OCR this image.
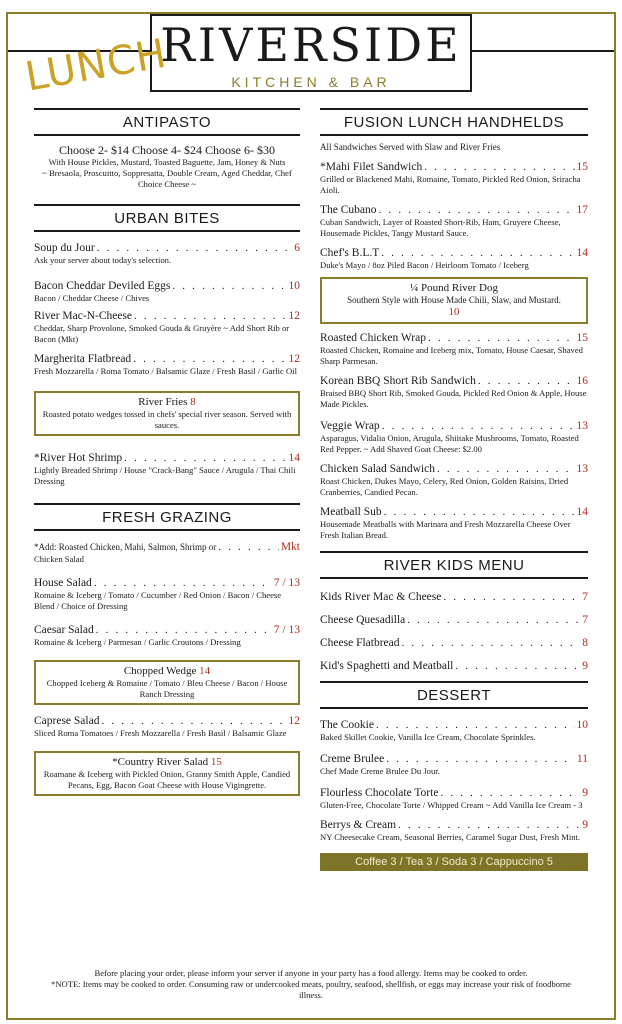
RIVERSIDE
KITCHEN & BAR
LUNCH
ANTIPASTO
Choose 2- $14 Choose 4- $24 Choose 6- $30
With House Pickles, Mustard, Toasted Baguette, Jam, Honey & Nuts
~ Bresaola, Proscuitto, Soppresatta, Double Cream, Aged Cheddar, Chef Choice Cheese ~
URBAN BITES
Soup du Jour . . .	6
Ask your server about today's selection.
Bacon Cheddar Deviled Eggs . . .	10
Bacon / Cheddar Cheese / Chives
River Mac-N-Cheese . . .	12
Cheddar, Sharp Provolone, Smoked Gouda & Gruyère ~ Add Short Rib or Bacon (Mkt)
Margherita Flatbread . . .	12
Fresh Mozzarella / Roma Tomato / Balsamic Glaze / Fresh Basil / Garlic Oil
River Fries 8
Roasted potato wedges tossed in chefs' special river season. Served with sauces.
*River Hot Shrimp . . .	14
Lightly Breaded Shrimp / House "Crack-Bang" Sauce / Arugula / Thai Chili Dressing
FRESH GRAZING
*Add: Roasted Chicken, Mahi, Salmon, Shrimp or . . .	Mkt
Chicken Salad
House Salad . . .	7 / 13
Romaine & Iceberg / Tomato / Cucumber / Red Onion / Bacon / Cheese Blend / Choice of Dressing
Caesar Salad . . .	7 / 13
Romaine & Iceberg / Parmesan / Garlic Croutons / Dressing
Chopped Wedge 14
Chopped Iceberg & Romaine / Tomato / Bleu Cheese / Bacon / House Ranch Dressing
Caprese Salad . . .	12
Sliced Roma Tomatoes / Fresh Mozzarella / Fresh Basil / Balsamic Glaze
*Country River Salad 15
Roamane & Iceberg with Pickled Onion, Granny Smith Apple, Candied Pecans, Egg, Bacon Goat Cheese with House Vigingrette.
FUSION LUNCH HANDHELDS
All Sandwiches Served with Slaw and River Fries
*Mahi Filet Sandwich . . .	15
Grilled or Blackened Mahi, Romaine, Tomato, Pickled Red Onion, Sriracha Aioli.
The Cubano . . .	17
Cuban Sandwich, Layer of Roasted Short-Rib, Ham, Gruyere Cheese, Housemade Pickles, Tangy Mustard Sauce.
Chef's B.L.T . . .	14
Duke's Mayo / 8oz Piled Bacon / Heirloom Tomato / Iceberg
¼ Pound River Dog
Southern Style with House Made Chili, Slaw, and Mustard.
10
Roasted Chicken Wrap . . .	15
Roasted Chicken, Romaine and Iceberg mix, Tomato, House Caesar, Shaved Sharp Parmesan.
Korean BBQ Short Rib Sandwich . . .	16
Braised BBQ Short Rib, Smoked Gouda, Pickled Red Onion & Apple, House Made Pickles.
Veggie Wrap . . .	13
Asparagus, Vidalia Onion, Arugula, Shiitake Mushrooms, Tomato, Roasted Red Pepper. ~ Add Shaved Goat Cheese: $2.00
Chicken Salad Sandwich . . .	13
Roast Chicken, Dukes Mayo, Celery, Red Onion, Golden Raisins, Dried Cranberries, Candied Pecan.
Meatball Sub . . .	14
Housemade Meatballs with Marinara and Fresh Mozzarella Cheese Over Fresh Italian Bread.
RIVER KIDS MENU
Kids River Mac & Cheese . . .	7
Cheese Quesadilla . . .	7
Cheese Flatbread . . .	8
Kid's Spaghetti and Meatball . . .	9
DESSERT
The Cookie . . .	10
Baked Skillet Cookie, Vanilla Ice Cream, Chocolate Sprinkles.
Creme Brulee . . .	11
Chef Made Creme Brulee Du Jour.
Flourless Chocolate Torte . . .	9
Gluten-Free, Chocolate Torte / Whipped Cream ~ Add Vanilla Ice Cream - 3
Berrys & Cream . . .	9
NY Cheesecake Cream, Seasonal Berries, Caramel Sugar Dust, Fresh Mint.
Coffee 3 / Tea 3 / Soda 3 / Cappuccino 5
Before placing your order, please inform your server if anyone in your party has a food allergy. Items may be cooked to order.
*NOTE: Items may be cooked to order. Consuming raw or undercooked meats, poultry, seafood, shellfish, or eggs may increase your risk of foodborne illness.
